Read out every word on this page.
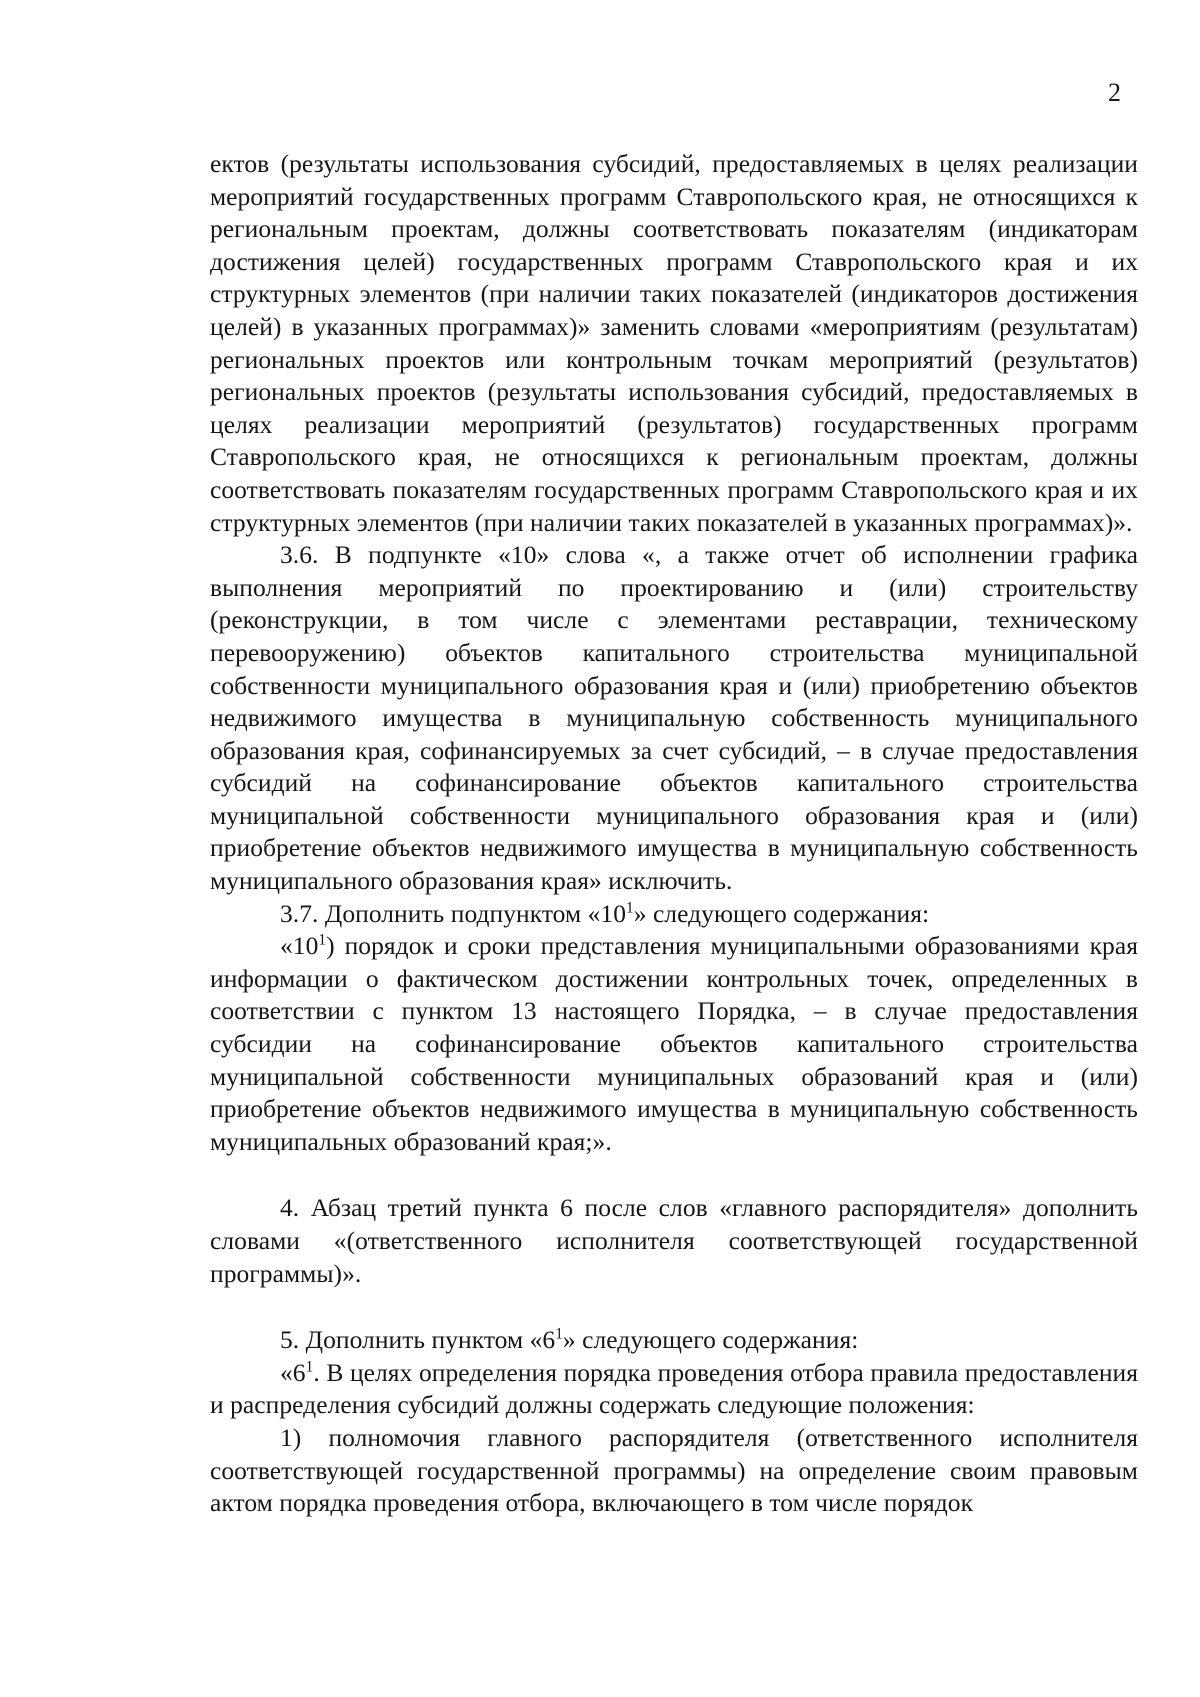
2

ектов (результаты использования субсидий, предоставляемых в целях реализации мероприятий государственных программ Ставропольского края, не относящихся к региональным проектам, должны соответствовать показателям (индикаторам достижения целей) государственных программ Ставропольского края и их структурных элементов (при наличии таких показателей (индикаторов достижения целей) в указанных программах)» заменить словами «мероприятиям (результатам) региональных проектов или контрольным точкам мероприятий (результатов) региональных проектов (результаты использования субсидий, предоставляемых в целях реализации мероприятий (результатов) государственных программ Ставропольского края, не относящихся к региональным проектам, должны соответствовать показателям государственных программ Ставропольского края и их структурных элементов (при наличии таких показателей в указанных программах)».

3.6. В подпункте «10» слова «, а также отчет об исполнении графика выполнения мероприятий по проектированию и (или) строительству (реконструкции, в том числе с элементами реставрации, техническому перевооружению) объектов капитального строительства муниципальной собственности муниципального образования края и (или) приобретению объектов недвижимого имущества в муниципальную собственность муниципального образования края, софинансируемых за счет субсидий, – в случае предоставления субсидий на софинансирование объектов капитального строительства муниципальной собственности муниципального образования края и (или) приобретение объектов недвижимого имущества в муниципальную собственность муниципального образования края» исключить.

3.7. Дополнить подпунктом «$10^1$» следующего содержания:

«$10^1$) порядок и сроки представления муниципальными образованиями края информации о фактическом достижении контрольных точек, определенных в соответствии с пунктом 13 настоящего Порядка, – в случае предоставления субсидии на софинансирование объектов капитального строительства муниципальной собственности муниципальных образований края и (или) приобретение объектов недвижимого имущества в муниципальную собственность муниципальных образований края;».

4. Абзац третий пункта 6 после слов «главного распорядителя» дополнить словами «(ответственного исполнителя соответствующей государственной программы)».

5. Дополнить пунктом «$6^1$» следующего содержания:

«$6^1$. В целях определения порядка проведения отбора правила предоставления и распределения субсидий должны содержать следующие положения:

1) полномочия главного распорядителя (ответственного исполнителя соответствующей государственной программы) на определение своим правовым актом порядка проведения отбора, включающего в том числе порядок
